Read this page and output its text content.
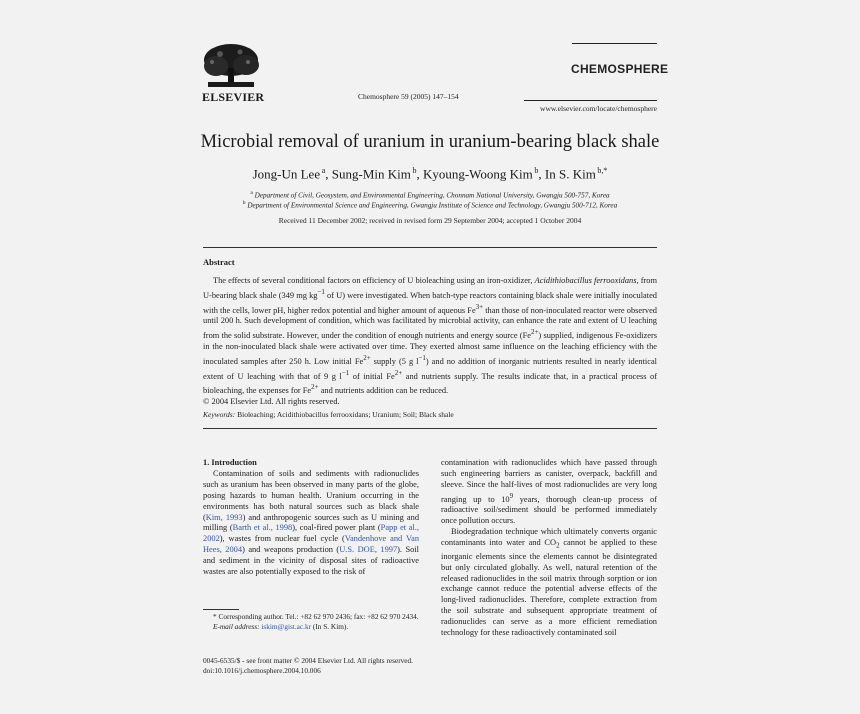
ELSEVIER	Chemosphere 59 (2005) 147–154
CHEMOSPHERE
www.elsevier.com/locate/chemosphere
Microbial removal of uranium in uranium-bearing black shale
Jong-Un Lee  $^a$, Sung-Min Kim  $^b$, Kyoung-Woong Kim  $^b$, In S. Kim  $^{b,*}$
$^a$ Department of Civil, Geosystem, and Environmental Engineering, Chonnam National University, Gwangju 500-757, Korea
$^b$ Department of Environmental Science and Engineering, Gwangju Institute of Science and Technology, Gwangju 500-712, Korea
Received 11 December 2002; received in revised form 29 September 2004; accepted 1 October 2004
Abstract

The effects of several conditional factors on efficiency of U bioleaching using an iron-oxidizer, Acidithiobacillus ferrooxidans, from U-bearing black shale (349 mg $kg^{-1}$ of U) were investigated. When batch-type reactors containing black shale were initially inoculated with the cells, lower pH, higher redox potential and higher amount of aqueous $Fe^{3+}$ than those of non-inoculated reactor were observed until 200 h. Such development of condition, which was facilitated by microbial activity, can enhance the rate and extent of U leaching from the solid substrate. However, under the condition of enough nutrients and energy source $(Fe^{2+})$ supplied, indigenous Fe-oxidizers in the non-inoculated black shale were activated over time. They exerted almost same influence on the leaching efficiency with the inoculated samples after 250 h. Low initial $Fe^{2+}$ supply (5 g $l^{-1}$) and no addition of inorganic nutrients resulted in nearly identical extent of U leaching with that of 9 g $l^{-1}$ of initial $Fe^{2+}$ and nutrients supply. The results indicate that, in a practical process of bioleaching, the expenses for $Fe^{2+}$ and nutrients addition can be reduced.

© 2004 Elsevier Ltd. All rights reserved.

Keywords: Bioleaching; Acidithiobacillus ferrooxidans; Uranium; Soil; Black shale

1. Introduction

Contamination of soils and sediments with radionuclides such as uranium has been observed in many parts of the globe, posing hazards to human health. Uranium occurring in the environments has both natural sources such as black shale (Kim, 1993) and anthropogenic sources such as U mining and milling (Barth et al., 1998), coal-fired power plant (Papp et al., 2002), wastes from nuclear fuel cycle (Vandenhove and Van Hees, 2004) and weapons production (U.S. DOE, 1997). Soil and sediment in the vicinity of disposal sites of radioactive wastes are also potentially exposed to the risk of

* Corresponding author. Tel.: +82 62 970 2436; fax: +82 62 970 2434.

E-mail address: iskim@gist.ac.kr (In S. Kim).

contamination with radionuclides which have passed through such engineering barriers as canister, overpack, backfill and sleeve. Since the half-lives of most radionuclides are very long ranging up to $10^9$ years, thorough clean-up process of radioactive soil/sediment should be performed immediately once pollution occurs.

Biodegradation technique which ultimately converts organic contaminants into water and $CO_2$ cannot be applied to these inorganic elements since the elements cannot be disintegrated but only circulated globally. As well, natural retention of the released radionuclides in the soil matrix through sorption or ion exchange cannot reduce the potential adverse effects of the long-lived radionuclides. Therefore, complete extraction from the soil substrate and subsequent appropriate treatment of radionuclides can serve as a more efficient remediation technology for these radioactively contaminated soil

0045-6535/$ - see front matter © 2004 Elsevier Ltd. All rights reserved.

doi:10.1016/j.chemosphere.2004.10.006
